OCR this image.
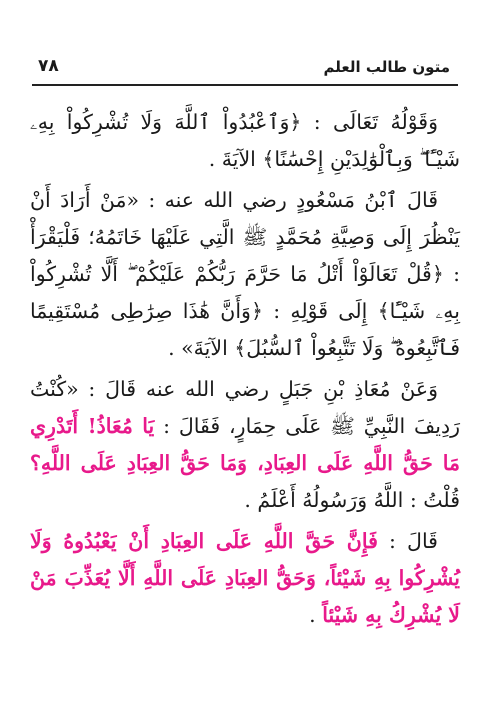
٧٨	متون طالب العلم

وَقَوْلُهُ تَعَالَى : ﴿وَٱعْبُدُواْ ٱللَّهَ وَلَا تُشْرِكُواْ بِهِۦ شَيْـًٔا ۖ وَبِٱلْوَٰلِدَيْنِ إِحْسَٰنًا﴾ الآيَةَ .

قَالَ ٱبْنُ مَسْعُودٍ رضي الله عنه : «مَنْ أَرَادَ أَنْ يَنْظُرَ إِلَى وَصِيَّةِ مُحَمَّدٍ ﷺ الَّتِي عَلَيْهَا خَاتَمُهُ؛ فَلْيَقْرَأْ : ﴿قُلْ تَعَالَوْاْ أَتْلُ مَا حَرَّمَ رَبُّكُمْ عَلَيْكُمْ ۖ أَلَّا تُشْرِكُواْ بِهِۦ شَيْـًٔا﴾ إِلَى قَوْلِهِ : ﴿وَأَنَّ هَٰذَا صِرَٰطِى مُسْتَقِيمًا فَٱتَّبِعُوهُ ۖ وَلَا تَتَّبِعُواْ ٱلسُّبُلَ﴾ الآيَةَ» .

وَعَنْ مُعَاذِ بْنِ جَبَلٍ رضي الله عنه قَالَ : «كُنْتُ رَدِيفَ النَّبِيِّ ﷺ عَلَى حِمَارٍ، فَقَالَ : يَا مُعَاذُ! أَتَدْرِي مَا حَقُّ اللَّهِ عَلَى العِبَادِ، وَمَا حَقُّ العِبَادِ عَلَى اللَّهِ؟ قُلْتُ : اللَّهُ وَرَسُولُهُ أَعْلَمُ .

قَالَ : فَإِنَّ حَقَّ اللَّهِ عَلَى العِبَادِ أَنْ يَعْبُدُوهُ وَلَا يُشْرِكُوا بِهِ شَيْئاً، وَحَقُّ العِبَادِ عَلَى اللَّهِ أَلَّا يُعَذِّبَ مَنْ لَا يُشْرِكُ بِهِ شَيْئاً .
